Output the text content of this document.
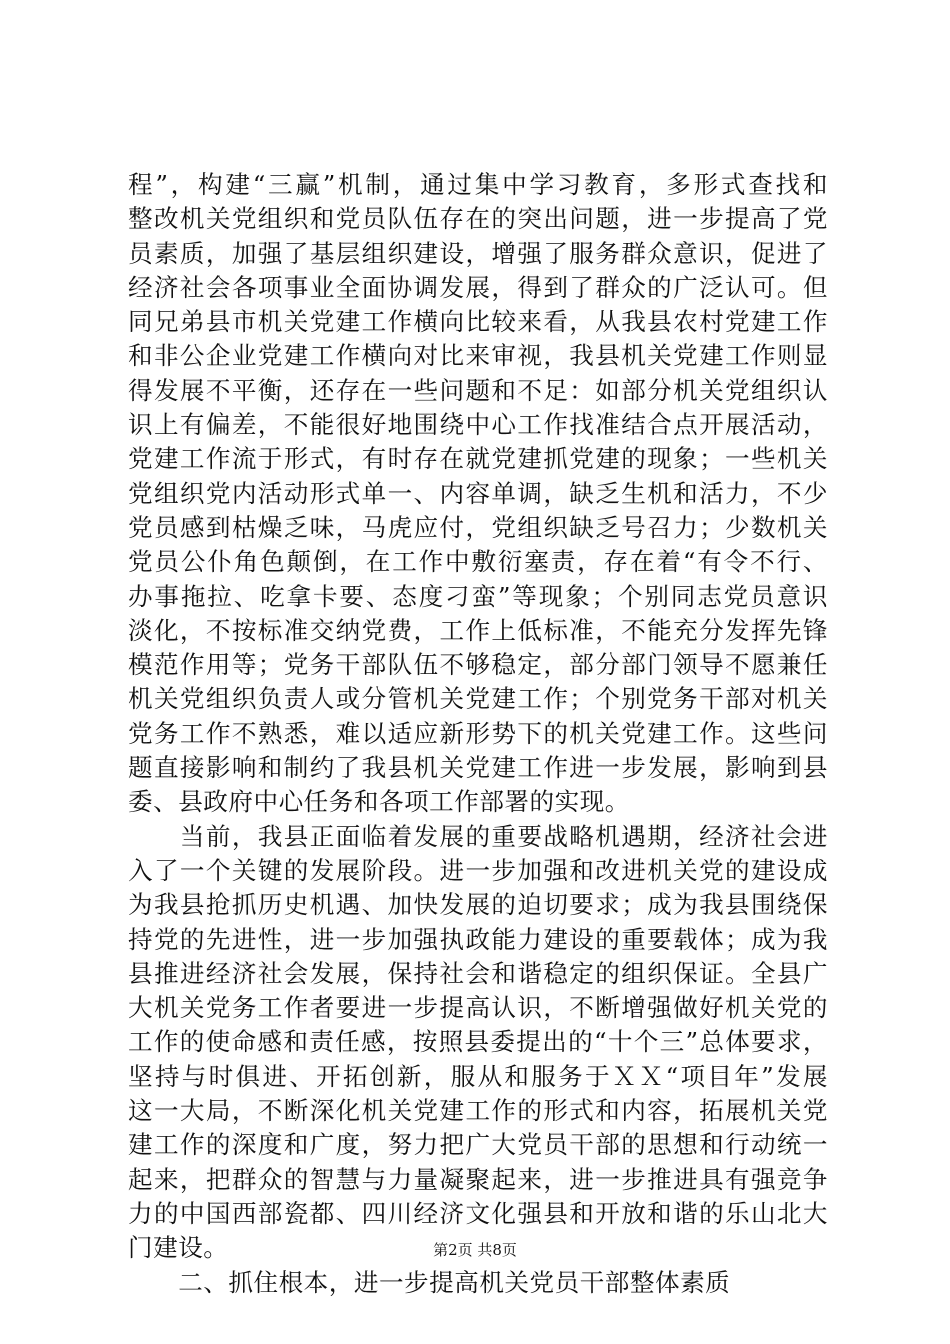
程”，构建“三赢”机制，通过集中学习教育，多形式查找和
整改机关党组织和党员队伍存在的突出问题，进一步提高了党
员素质，加强了基层组织建设，增强了服务群众意识，促进了
经济社会各项事业全面协调发展，得到了群众的广泛认可。但
同兄弟县市机关党建工作横向比较来看，从我县农村党建工作
和非公企业党建工作横向对比来审视，我县机关党建工作则显
得发展不平衡，还存在一些问题和不足：如部分机关党组织认
识上有偏差，不能很好地围绕中心工作找准结合点开展活动，
党建工作流于形式，有时存在就党建抓党建的现象；一些机关
党组织党内活动形式单一、内容单调，缺乏生机和活力，不少
党员感到枯燥乏味，马虎应付，党组织缺乏号召力；少数机关
党员公仆角色颠倒，在工作中敷衍塞责，存在着“有令不行、
办事拖拉、吃拿卡要、态度刁蛮”等现象；个别同志党员意识
淡化，不按标准交纳党费，工作上低标准，不能充分发挥先锋
模范作用等；党务干部队伍不够稳定，部分部门领导不愿兼任
机关党组织负责人或分管机关党建工作；个别党务干部对机关
党务工作不熟悉，难以适应新形势下的机关党建工作。这些问
题直接影响和制约了我县机关党建工作进一步发展，影响到县
委、县政府中心任务和各项工作部署的实现。
　　当前，我县正面临着发展的重要战略机遇期，经济社会进
入了一个关键的发展阶段。进一步加强和改进机关党的建设成
为我县抢抓历史机遇、加快发展的迫切要求；成为我县围绕保
持党的先进性，进一步加强执政能力建设的重要载体；成为我
县推进经济社会发展，保持社会和谐稳定的组织保证。全县广
大机关党务工作者要进一步提高认识，不断增强做好机关党的
工作的使命感和责任感，按照县委提出的“十个三”总体要求，
坚持与时俱进、开拓创新，服从和服务于ＸＸ“项目年”发展
这一大局，不断深化机关党建工作的形式和内容，拓展机关党
建工作的深度和广度，努力把广大党员干部的思想和行动统一
起来，把群众的智慧与力量凝聚起来，进一步推进具有强竞争
力的中国西部瓷都、四川经济文化强县和开放和谐的乐山北大
门建设。
　　二、抓住根本，进一步提高机关党员干部整体素质
第2页 共8页
